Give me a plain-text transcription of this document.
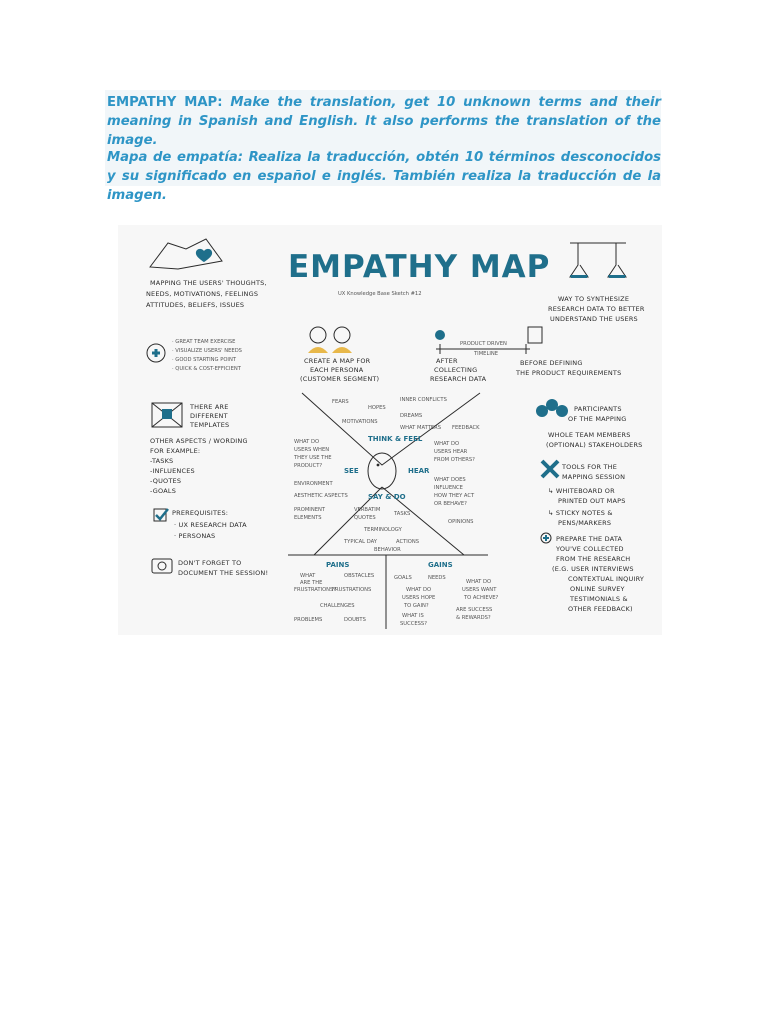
EMPATHY MAP: Make the translation, get 10 unknown terms and their meaning in Spanish and English. It also performs the translation of the image.

Mapa de empatía: Realiza la traducción, obtén 10 términos desconocidos y su significado en español e inglés. También realiza la traducción de la imagen.

MAPPING THE USERS' THOUGHTS,
NEEDS, MOTIVATIONS, FEELINGS
ATTITUDES, BELIEFS, ISSUES
EMPATHY MAP
UX Knowledge Base Sketch #12
WAY TO SYNTHESIZE
RESEARCH DATA TO BETTER
UNDERSTAND THE USERS
· GREAT TEAM EXERCISE
· VISUALIZE USERS' NEEDS
· GOOD STARTING POINT
· QUICK & COST-EFFICIENT
CREATE A MAP FOR
EACH PERSONA
(CUSTOMER SEGMENT)
PRODUCT DRIVEN
TIMELINE
AFTER
COLLECTING
RESEARCH DATA
BEFORE DEFINING
THE PRODUCT REQUIREMENTS
THERE ARE
DIFFERENT
TEMPLATES
OTHER ASPECTS / WORDING
FOR EXAMPLE:
-TASKS
-INFLUENCES
-QUOTES
-GOALS
PREREQUISITES:
· UX RESEARCH DATA
· PERSONAS
DON'T FORGET TO
DOCUMENT THE SESSION!
THINK & FEEL
SEE	HEAR
SAY & DO
PAINS	GAINS
FEARS
HOPES
INNER CONFLICTS
MOTIVATIONS
DREAMS
WHAT MATTERS
WHAT DO
USERS WHEN
THEY USE THE
PRODUCT?
ENVIRONMENT
AESTHETIC ASPECTS
PROMINENT
ELEMENTS
FEEDBACK
WHAT DO
USERS HEAR
FROM OTHERS?
WHAT DOES
INFLUENCE
HOW THEY ACT
OR BEHAVE?
OPINIONS
VERBATIM
QUOTES
TASKS
TERMINOLOGY
TYPICAL DAY	ACTIONS
BEHAVIOR
WHAT
ARE THE
FRUSTRATIONS?
OBSTACLES
FRUSTRATIONS
CHALLENGES
PROBLEMS	DOUBTS
GOALS	NEEDS
WHAT DO
USERS HOPE
TO GAIN?
WHAT IS
SUCCESS?
WHAT DO
USERS WANT
TO ACHIEVE?
ARE SUCCESS
& REWARDS?
PARTICIPANTS
OF THE MAPPING
WHOLE TEAM MEMBERS
(OPTIONAL) STAKEHOLDERS
TOOLS FOR THE
MAPPING SESSION
↳ WHITEBOARD OR
PRINTED OUT MAPS
↳ STICKY NOTES &
PENS/MARKERS
PREPARE THE DATA
YOU'VE COLLECTED
FROM THE RESEARCH
(E.G. USER INTERVIEWS
CONTEXTUAL INQUIRY
ONLINE SURVEY
TESTIMONIALS &
OTHER FEEDBACK)
